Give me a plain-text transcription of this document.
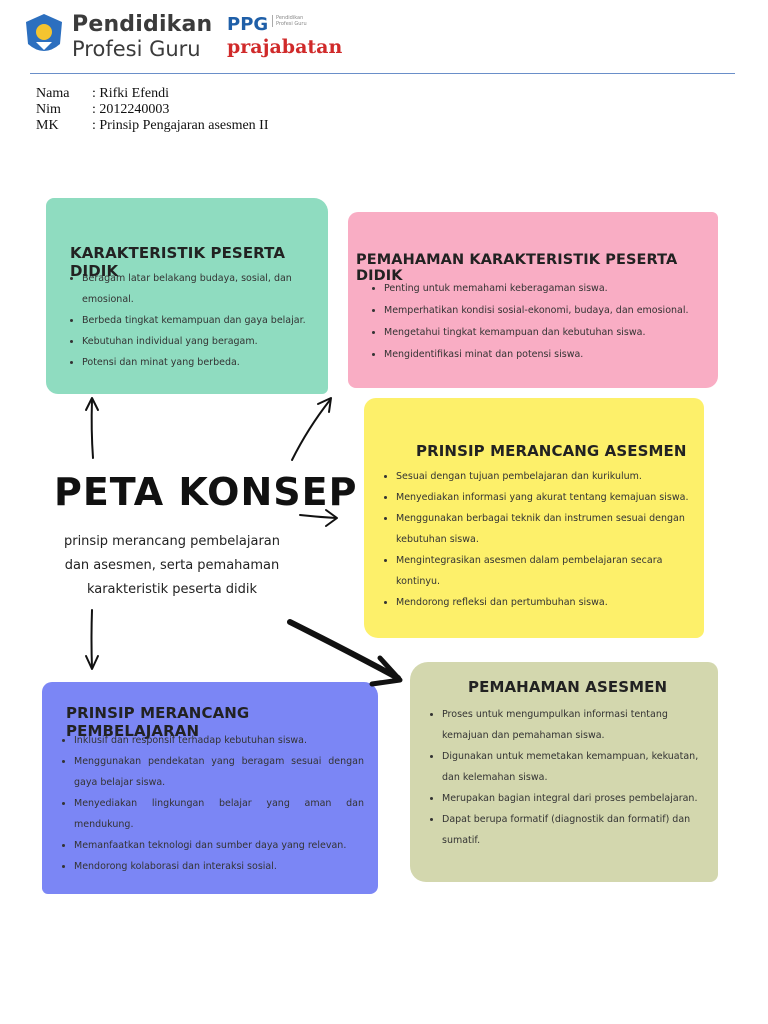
Pendidikan
Profesi Guru
PPG	Pendidikan Profesi Guru
prajabatan
Nama : Rifki Efendi
Nim : 2012240003
MK : Prinsip Pengajaran asesmen II
KARAKTERISTIK PESERTA DIDIK
• Beragam latar belakang budaya, sosial, dan emosional.
• Berbeda tingkat kemampuan dan gaya belajar.
• Kebutuhan individual yang beragam.
• Potensi dan minat yang berbeda.
PEMAHAMAN KARAKTERISTIK PESERTA DIDIK
• Penting untuk memahami keberagaman siswa.
• Memperhatikan kondisi sosial-ekonomi, budaya, dan emosional.
• Mengetahui tingkat kemampuan dan kebutuhan siswa.
• Mengidentifikasi minat dan potensi siswa.
PRINSIP MERANCANG ASESMEN
• Sesuai dengan tujuan pembelajaran dan kurikulum.
• Menyediakan informasi yang akurat tentang kemajuan siswa.
• Menggunakan berbagai teknik dan instrumen sesuai dengan kebutuhan siswa.
• Mengintegrasikan asesmen dalam pembelajaran secara kontinyu.
• Mendorong refleksi dan pertumbuhan siswa.
PETA KONSEP
prinsip merancang pembelajaran dan asesmen, serta pemahaman karakteristik peserta didik
PRINSIP MERANCANG PEMBELAJARAN
• Inklusif dan responsif terhadap kebutuhan siswa.
• Menggunakan pendekatan yang beragam sesuai dengan gaya belajar siswa.
• Menyediakan lingkungan belajar yang aman dan mendukung.
• Memanfaatkan teknologi dan sumber daya yang relevan.
• Mendorong kolaborasi dan interaksi sosial.
PEMAHAMAN ASESMEN
• Proses untuk mengumpulkan informasi tentang kemajuan dan pemahaman siswa.
• Digunakan untuk memetakan kemampuan, kekuatan, dan kelemahan siswa.
• Merupakan bagian integral dari proses pembelajaran.
• Dapat berupa formatif (diagnostik dan formatif) dan sumatif.
